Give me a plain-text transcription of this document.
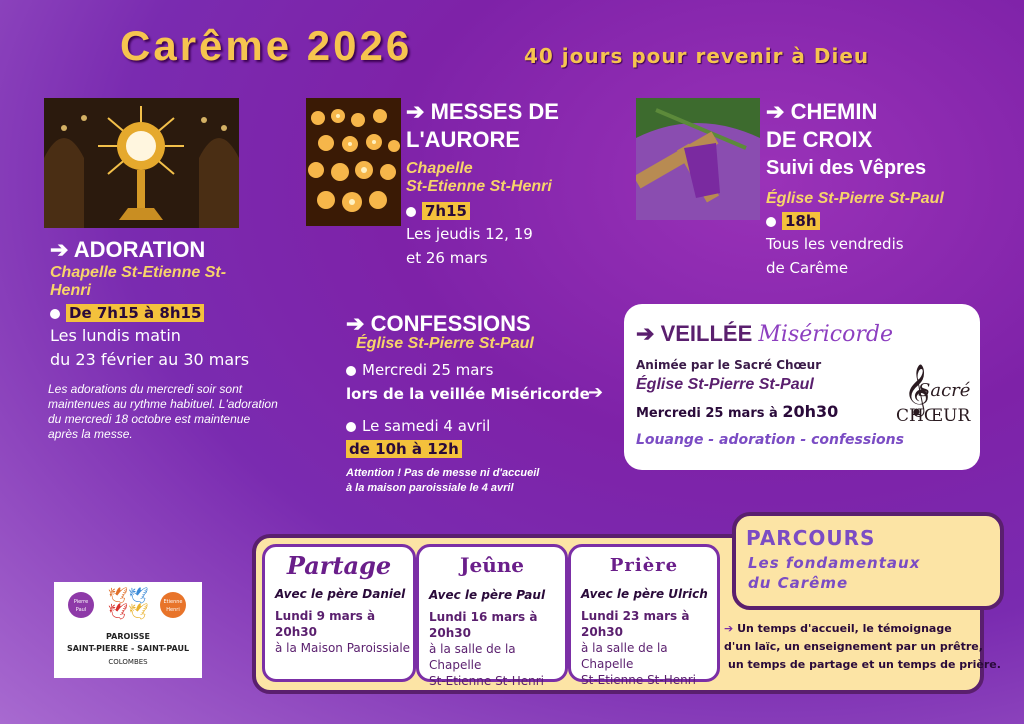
Carême 2026	40 jours pour revenir à Dieu
➔ ADORATION
Chapelle St-Etienne St-Henri
De 7h15 à 8h15
Les lundis matin
du 23 février au 30 mars
Les adorations du mercredi soir sont maintenues au rythme habituel. L'adoration du mercredi 18 octobre est maintenue après la messe.
➔ MESSES DE
L'AURORE
Chapelle
St-Etienne St-Henri
7h15
Les jeudis 12, 19
et 26 mars
➔ CHEMIN
DE CROIX
Suivi des Vêpres
Église St-Pierre St-Paul
18h
Tous les vendredis
de Carême
➔ CONFESSIONS
Église St-Pierre St-Paul
Mercredi 25 mars
lors de la veillée Miséricorde
➔
Le samedi 4 avril
de 10h à 12h
Attention ! Pas de messe ni d'accueil
à la maison paroissiale le 4 avril
➔ VEILLÉE Miséricorde
Animée par le Sacré Chœur
Église St-Pierre St-Paul
Mercredi 25 mars à 20h30
Louange - adoration - confessions
𝄞
Sacré
CHŒUR
PARCOURS
Les fondamentaux
du Carême
Partage
Avec le père Daniel
Lundi 9 mars à 20h30
à la Maison Paroissiale
Jeûne
Avec le père Paul
Lundi 16 mars à 20h30
à la salle de la Chapelle
St-Etienne St-Henri
Prière
Avec le père Ulrich
Lundi 23 mars à 20h30
à la salle de la Chapelle
St-Etienne St-Henri
➔ Un temps d'accueil, le témoignage
d'un laïc, un enseignement par un prêtre,
un temps de partage et un temps de prière.
Pierre Paul
🕊🕊
🕊🕊	Etienne Henri
PAROISSE
SAINT-PIERRE - SAINT-PAUL
COLOMBES
